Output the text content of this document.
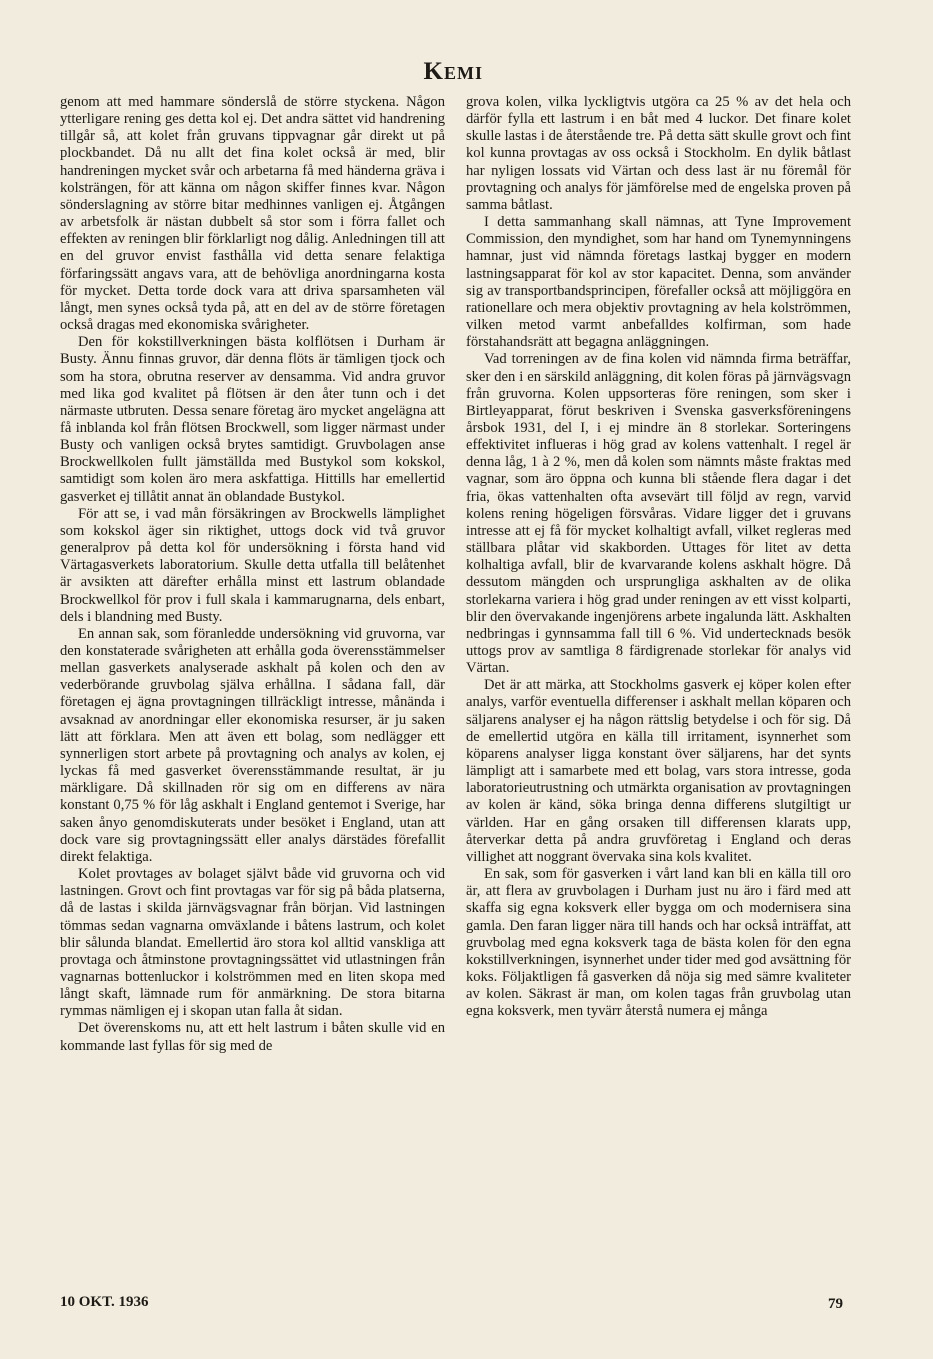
Kemi

genom att med hammare sönderslå de större styckena. Någon ytterligare rening ges detta kol ej. Det andra sättet vid handrening tillgår så, att kolet från gruvans tippvagnar går direkt ut på plockbandet. Då nu allt det fina kolet också är med, blir handreningen mycket svår och arbetarna få med händerna gräva i kolsträngen, för att känna om någon skiffer finnes kvar. Någon sönderslagning av större bitar medhinnes vanligen ej. Åtgången av arbetsfolk är nästan dubbelt så stor som i förra fallet och effekten av reningen blir förklarligt nog dålig. Anledningen till att en del gruvor envist fasthålla vid detta senare felaktiga förfaringssätt angavs vara, att de behövliga anordningarna kosta för mycket. Detta torde dock vara att driva sparsamheten väl långt, men synes också tyda på, att en del av de större företagen också dragas med ekonomiska svårigheter.

Den för kokstillverkningen bästa kolflötsen i Durham är Busty. Ännu finnas gruvor, där denna flöts är tämligen tjock och som ha stora, obrutna reserver av densamma. Vid andra gruvor med lika god kvalitet på flötsen är den åter tunn och i det närmaste utbruten. Dessa senare företag äro mycket angelägna att få inblanda kol från flötsen Brockwell, som ligger närmast under Busty och vanligen också brytes samtidigt. Gruvbolagen anse Brockwellkolen fullt jämställda med Bustykol som kokskol, samtidigt som kolen äro mera askfattiga. Hittills har emellertid gasverket ej tillåtit annat än oblandade Bustykol.

För att se, i vad mån försäkringen av Brockwells lämplighet som kokskol äger sin riktighet, uttogs dock vid två gruvor generalprov på detta kol för undersökning i första hand vid Värtagasverkets laboratorium. Skulle detta utfalla till belåtenhet är avsikten att därefter erhålla minst ett lastrum oblandade Brockwellkol för prov i full skala i kammarugnarna, dels enbart, dels i blandning med Busty.

En annan sak, som föranledde undersökning vid gruvorna, var den konstaterade svårigheten att erhålla goda överensstämmelser mellan gasverkets analyserade askhalt på kolen och den av vederbörande gruvbolag själva erhållna. I sådana fall, där företagen ej ägna provtagningen tillräckligt intresse, månända i avsaknad av anordningar eller ekonomiska resurser, är ju saken lätt att förklara. Men att även ett bolag, som nedlägger ett synnerligen stort arbete på provtagning och analys av kolen, ej lyckas få med gasverket överensstämmande resultat, är ju märkligare. Då skillnaden rör sig om en differens av nära konstant 0,75 % för låg askhalt i England gentemot i Sverige, har saken ånyo genomdiskuterats under besöket i England, utan att dock vare sig provtagningssätt eller analys därstädes förefallit direkt felaktiga.

Kolet provtages av bolaget självt både vid gruvorna och vid lastningen. Grovt och fint provtagas var för sig på båda platserna, då de lastas i skilda järnvägsvagnar från början. Vid lastningen tömmas sedan vagnarna omväxlande i båtens lastrum, och kolet blir sålunda blandat. Emellertid äro stora kol alltid vanskliga att provtaga och åtminstone provtagningssättet vid utlastningen från vagnarnas bottenluckor i kolströmmen med en liten skopa med långt skaft, lämnade rum för anmärkning. De stora bitarna rymmas nämligen ej i skopan utan falla åt sidan.

Det överenskoms nu, att ett helt lastrum i båten skulle vid en kommande last fyllas för sig med de

grova kolen, vilka lyckligtvis utgöra ca 25 % av det hela och därför fylla ett lastrum i en båt med 4 luckor. Det finare kolet skulle lastas i de återstående tre. På detta sätt skulle grovt och fint kol kunna provtagas av oss också i Stockholm. En dylik båtlast har nyligen lossats vid Värtan och dess last är nu föremål för provtagning och analys för jämförelse med de engelska proven på samma båtlast.

I detta sammanhang skall nämnas, att Tyne Improvement Commission, den myndighet, som har hand om Tynemynningens hamnar, just vid nämnda företags lastkaj bygger en modern lastningsapparat för kol av stor kapacitet. Denna, som använder sig av transportbandsprincipen, förefaller också att möjliggöra en rationellare och mera objektiv provtagning av hela kolströmmen, vilken metod varmt anbefalldes kolfirman, som hade förstahandsrätt att begagna anläggningen.

Vad torreningen av de fina kolen vid nämnda firma beträffar, sker den i en särskild anläggning, dit kolen föras på järnvägsvagn från gruvorna. Kolen uppsorteras före reningen, som sker i Birtleyapparat, förut beskriven i Svenska gasverksföreningens årsbok 1931, del I, i ej mindre än 8 storlekar. Sorteringens effektivitet influeras i hög grad av kolens vattenhalt. I regel är denna låg, 1 à 2 %, men då kolen som nämnts måste fraktas med vagnar, som äro öppna och kunna bli stående flera dagar i det fria, ökas vattenhalten ofta avsevärt till följd av regn, varvid kolens rening högeligen försvåras. Vidare ligger det i gruvans intresse att ej få för mycket kolhaltigt avfall, vilket regleras med ställbara plåtar vid skakborden. Uttages för litet av detta kolhaltiga avfall, blir de kvarvarande kolens askhalt högre. Då dessutom mängden och ursprungliga askhalten av de olika storlekarna variera i hög grad under reningen av ett visst kolparti, blir den övervakande ingenjörens arbete ingalunda lätt. Askhalten nedbringas i gynnsamma fall till 6 %. Vid undertecknads besök uttogs prov av samtliga 8 färdigrenade storlekar för analys vid Värtan.

Det är att märka, att Stockholms gasverk ej köper kolen efter analys, varför eventuella differenser i askhalt mellan köparen och säljarens analyser ej ha någon rättslig betydelse i och för sig. Då de emellertid utgöra en källa till irritament, isynnerhet som köparens analyser ligga konstant över säljarens, har det synts lämpligt att i samarbete med ett bolag, vars stora intresse, goda laboratorieutrustning och utmärkta organisation av provtagningen av kolen är känd, söka bringa denna differens slutgiltigt ur världen. Har en gång orsaken till differensen klarats upp, återverkar detta på andra gruvföretag i England och deras villighet att noggrant övervaka sina kols kvalitet.

En sak, som för gasverken i vårt land kan bli en källa till oro är, att flera av gruvbolagen i Durham just nu äro i färd med att skaffa sig egna koksverk eller bygga om och modernisera sina gamla. Den faran ligger nära till hands och har också inträffat, att gruvbolag med egna koksverk taga de bästa kolen för den egna kokstillverkningen, isynnerhet under tider med god avsättning för koks. Följaktligen få gasverken då nöja sig med sämre kvaliteter av kolen. Säkrast är man, om kolen tagas från gruvbolag utan egna koksverk, men tyvärr återstå numera ej många

10 OKT. 1936	79
